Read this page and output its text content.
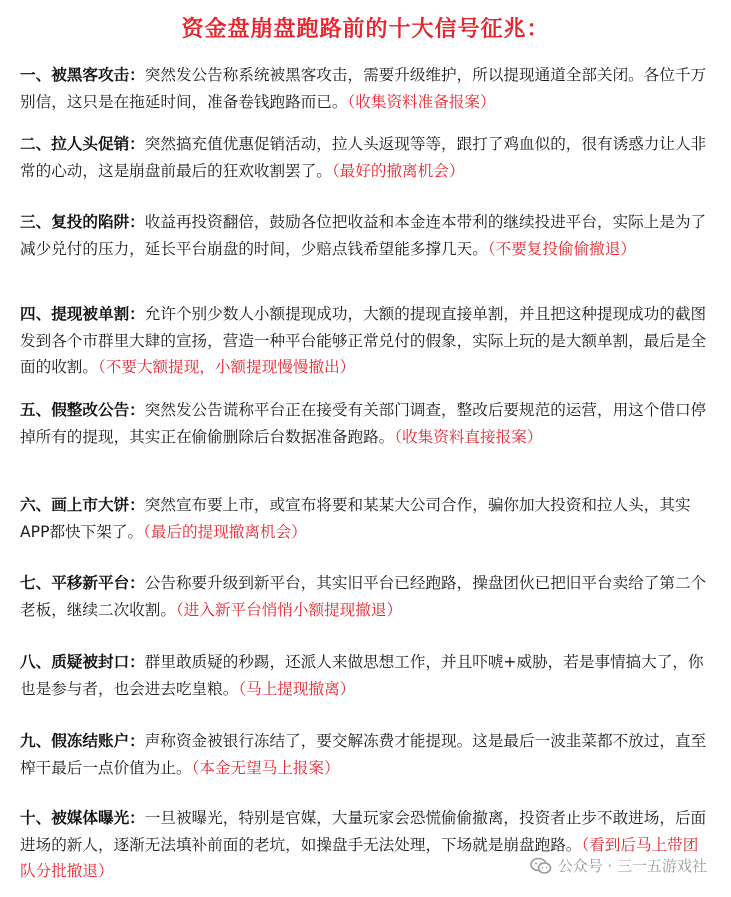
资金盘崩盘跑路前的十大信号征兆：
一、被黑客攻击：突然发公告称系统被黑客攻击，需要升级维护，所以提现通道全部关闭。各位千万别信，这只是在拖延时间，准备卷钱跑路而已。（收集资料准备报案）
二、拉人头促销：突然搞充值优惠促销活动，拉人头返现等等，跟打了鸡血似的，很有诱惑力让人非常的心动，这是崩盘前最后的狂欢收割罢了。（最好的撤离机会）
三、复投的陷阱：收益再投资翻倍，鼓励各位把收益和本金连本带利的继续投进平台，实际上是为了减少兑付的压力，延长平台崩盘的时间，少赔点钱希望能多撑几天。（不要复投偷偷撤退）
四、提现被单割：允许个别少数人小额提现成功，大额的提现直接单割，并且把这种提现成功的截图发到各个市群里大肆的宣扬，营造一种平台能够正常兑付的假象，实际上玩的是大额单割，最后是全面的收割。（不要大额提现，小额提现慢慢撤出）
五、假整改公告：突然发公告谎称平台正在接受有关部门调查，整改后要规范的运营，用这个借口停掉所有的提现，其实正在偷偷删除后台数据准备跑路。（收集资料直接报案）
六、画上市大饼：突然宣布要上市，或宣布将要和某某大公司合作，骗你加大投资和拉人头，其实APP都快下架了。（最后的提现撤离机会）
七、平移新平台：公告称要升级到新平台，其实旧平台已经跑路，操盘团伙已把旧平台卖给了第二个老板，继续二次收割。（进入新平台悄悄小额提现撤退）
八、质疑被封口：群里敢质疑的秒踢，还派人来做思想工作，并且吓唬+威胁，若是事情搞大了，你也是参与者，也会进去吃皇粮。（马上提现撤离）
九、假冻结账户：声称资金被银行冻结了，要交解冻费才能提现。这是最后一波韭菜都不放过，直至榨干最后一点价值为止。（本金无望马上报案）
十、被媒体曝光：一旦被曝光，特别是官媒，大量玩家会恐慌偷偷撤离，投资者止步不敢进场，后面进场的新人，逐渐无法填补前面的老坑，如操盘手无法处理，下场就是崩盘跑路。（看到后马上带团队分批撤退）	公众号 · 三一五游戏社
